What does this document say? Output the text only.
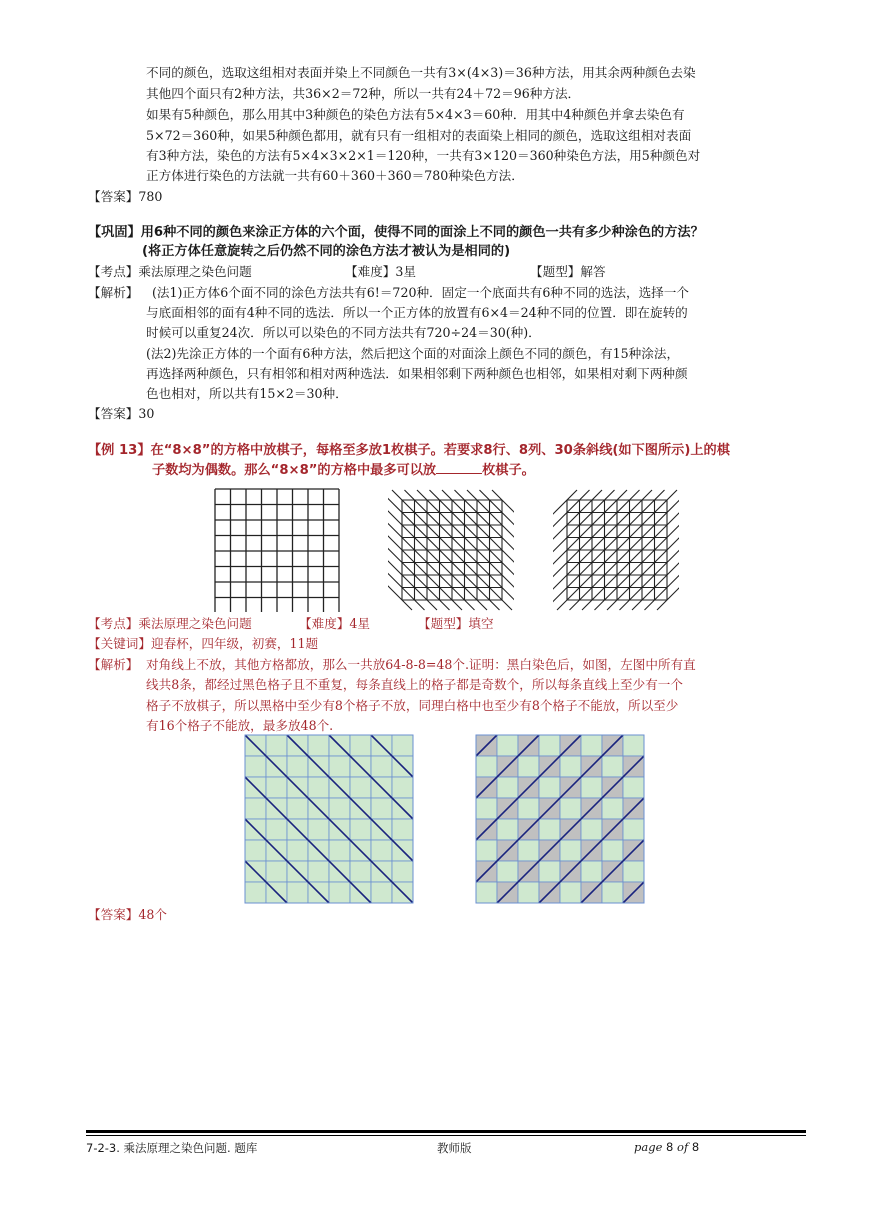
不同的颜色，选取这组相对表面并染上不同颜色一共有3×(4×3)＝36种方法，用其余两种颜色去染
其他四个面只有2种方法，共36×2＝72种，所以一共有24＋72＝96种方法．
如果有5种颜色，那么用其中3种颜色的染色方法有5×4×3＝60种．用其中4种颜色并拿去染色有
5×72＝360种，如果5种颜色都用，就有只有一组相对的表面染上相同的颜色，选取这组相对表面
有3种方法，染色的方法有5×4×3×2×1＝120种，一共有3×120＝360种染色方法，用5种颜色对
正方体进行染色的方法就一共有60＋360＋360＝780种染色方法．
【答案】780
【巩固】用6种不同的颜色来涂正方体的六个面，使得不同的面涂上不同的颜色一共有多少种涂色的方法？
(将正方体任意旋转之后仍然不同的涂色方法才被认为是相同的)
【考点】乘法原理之染色问题	【难度】3星	【题型】解答
【解析】 (法1)正方体6个面不同的涂色方法共有6!＝720种．固定一个底面共有6种不同的选法，选择一个
与底面相邻的面有4种不同的选法．所以一个正方体的放置有6×4＝24种不同的位置．即在旋转的
时候可以重复24次．所以可以染色的不同方法共有720÷24＝30(种)．
(法2)先涂正方体的一个面有6种方法，然后把这个面的对面涂上颜色不同的颜色，有15种涂法，
再选择两种颜色，只有相邻和相对两种选法．如果相邻剩下两种颜色也相邻，如果相对剩下两种颜
色也相对，所以共有15×2＝30种．
【答案】30
【例 13】在“8×8”的方格中放棋子，每格至多放1枚棋子。若要求8行、8列、30条斜线(如下图所示)上的棋
子数均为偶数。那么“8×8”的方格中最多可以放	枚棋子。
【考点】乘法原理之染色问题	【难度】4星	【题型】填空
【关键词】迎春杯，四年级，初赛，11题
【解析】 对角线上不放，其他方格都放，那么一共放64-8-8=48个.证明：黑白染色后，如图，左图中所有直
线共8条，都经过黑色格子且不重复，每条直线上的格子都是奇数个，所以每条直线上至少有一个
格子不放棋子，所以黑格中至少有8个格子不放，同理白格中也至少有8个格子不能放，所以至少
有16个格子不能放，最多放48个.
【答案】48个
7-2-3. 乘法原理之染色问题. 题库	教师版	page 8 of 8
